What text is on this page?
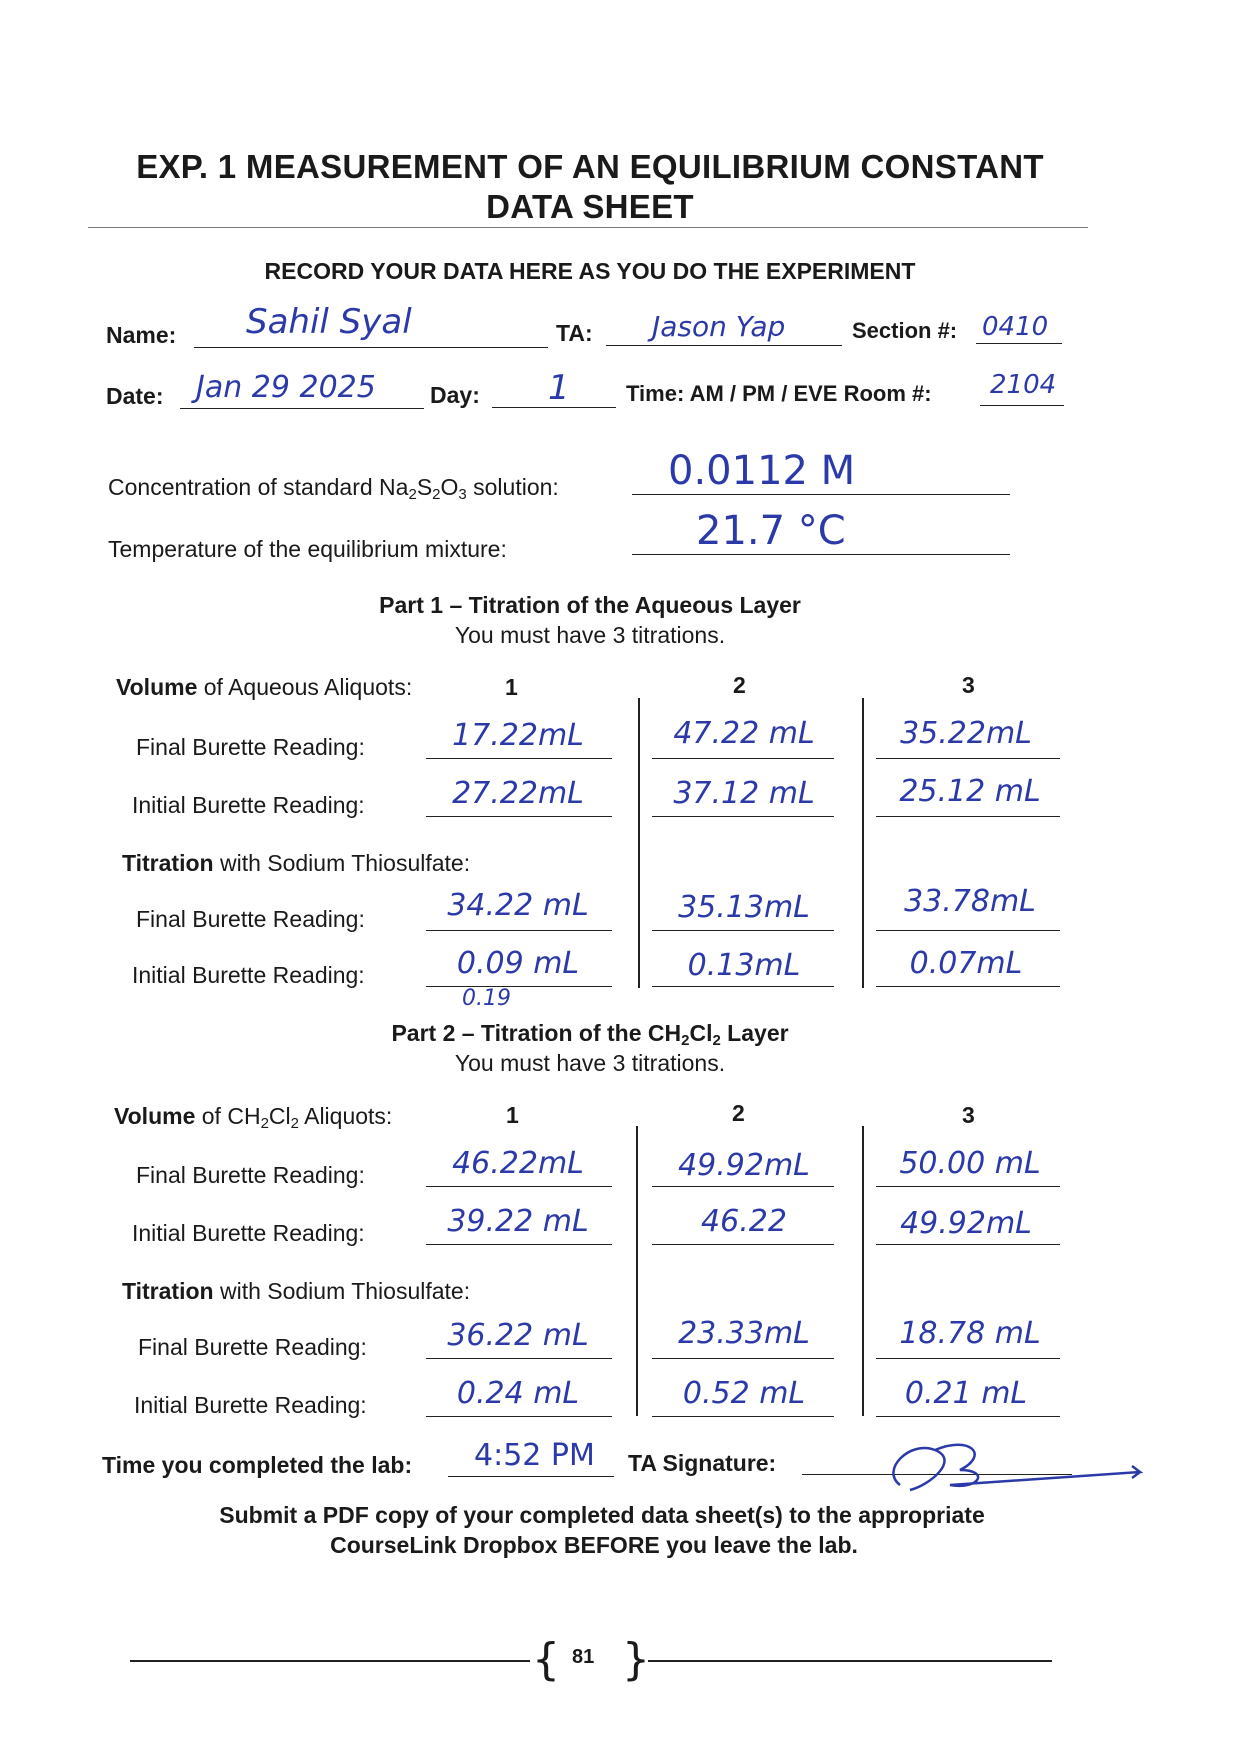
EXP. 1 MEASUREMENT OF AN EQUILIBRIUM CONSTANT
DATA SHEET
RECORD YOUR DATA HERE AS YOU DO THE EXPERIMENT
Name: Sahil Syal	TA: Jason Yap	Section #: 0410
Date: Jan 29 2025 Day: 1	Time: AM / PM / EVE Room #: 2104
Concentration of standard $Na_2S_2O_3$ solution:	0.0112 M
Temperature of the equilibrium mixture:	21.7 °C
Part 1 – Titration of the Aqueous Layer
You must have 3 titrations.
Volume of Aqueous Aliquots:	1	2	3
Final Burette Reading:	17.22mL	47.22 mL	35.22mL
Initial Burette Reading:	27.22mL	37.12 mL	25.12 mL
Titration with Sodium Thiosulfate:
Final Burette Reading:	34.22 mL	35.13mL	33.78mL
Initial Burette Reading:	0.09 mL	0.13mL	0.07mL
0.19
Part 2 – Titration of the $CH_2Cl_2$ Layer
You must have 3 titrations.
Volume of $CH_2Cl_2$ Aliquots:	1	2	3
Final Burette Reading:	46.22mL	49.92mL	50.00 mL
Initial Burette Reading:	39.22 mL	46.22	49.92mL
Titration with Sodium Thiosulfate:
Final Burette Reading:	36.22 mL	23.33mL	18.78 mL
Initial Burette Reading:	0.24 mL	0.52 mL	0.21 mL
Time you completed the lab: 4:52 PM TA Signature:
Submit a PDF copy of your completed data sheet(s) to the appropriate
CourseLink Dropbox BEFORE you leave the lab.
{ 81 }
